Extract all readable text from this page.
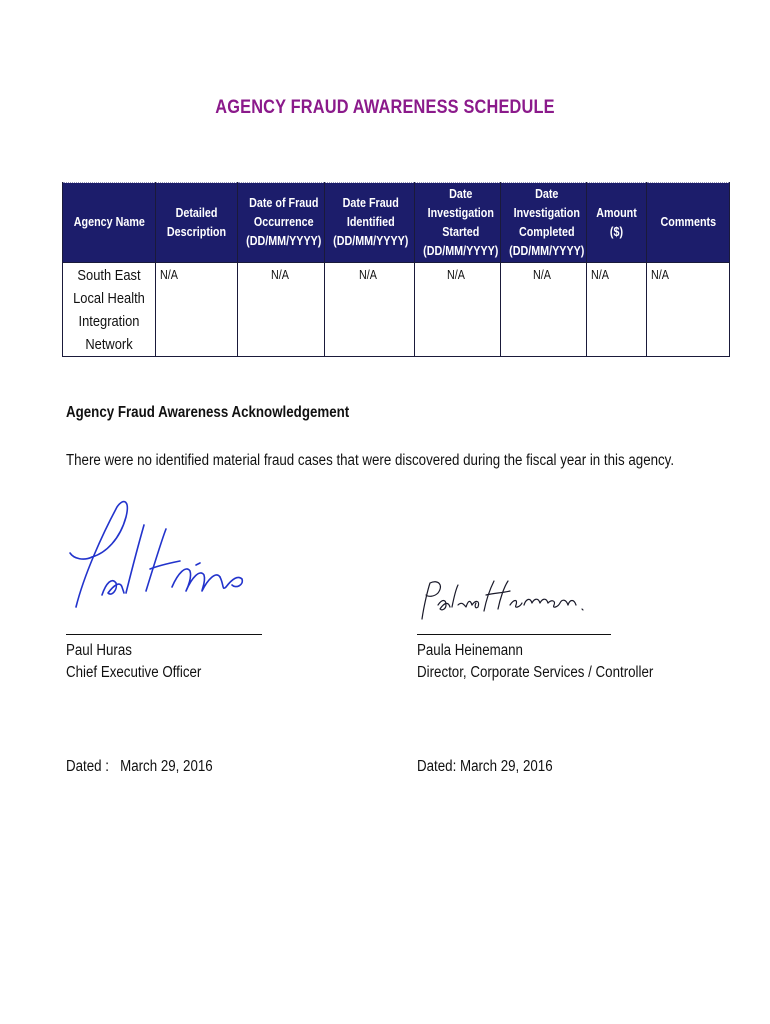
AGENCY FRAUD AWARENESS SCHEDULE
Agency Name	Detailed Description	Date of Fraud Occurrence (DD/MM/YYYY)	Date Fraud Identified (DD/MM/YYYY)	Date Investigation Started (DD/MM/YYYY)	Date Investigation Completed (DD/MM/YYYY)	Amount ($)	Comments
South East Local Health Integration Network	N/A	N/A	N/A	N/A	N/A	N/A	N/A
Agency Fraud Awareness Acknowledgement
There were no identified material fraud cases that were discovered during the fiscal year in this agency.
Paul Huras
Chief Executive Officer
Paula Heinemann
Director, Corporate Services / Controller
Dated :   March 29, 2016	Dated: March 29, 2016
